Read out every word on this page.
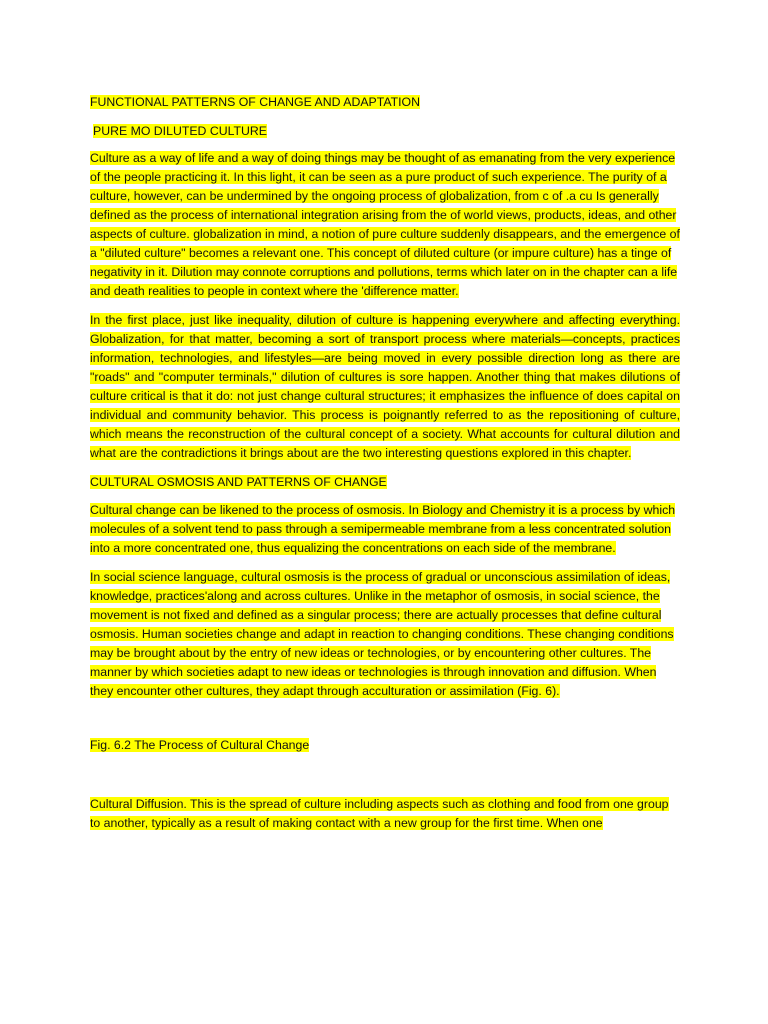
FUNCTIONAL PATTERNS OF CHANGE AND ADAPTATION

PURE MO DILUTED CULTURE

Culture as a way of life and a way of doing things may be thought of as emanating from the very experience of the people practicing it. In this light, it can be seen as a pure product of such experience. The purity of a culture, however, can be undermined by the ongoing process of globalization, from c of .a cu Is generally defined as the process of international integration arising from the of world views, products, ideas, and other aspects of culture. globalization in mind, a notion of pure culture suddenly disappears, and the emergence of a "diluted culture" becomes a relevant one. This concept of diluted culture (or impure culture) has a tinge of negativity in it. Dilution may connote corruptions and pollutions, terms which later on in the chapter can a life and death realities to people in context where the 'difference matter.

In the first place, just like inequality, dilution of culture is happening everywhere and affecting everything. Globalization, for that matter, becoming a sort of transport process where materials—concepts, practices information, technologies, and lifestyles—are being moved in every possible direction long as there are "roads" and "computer terminals," dilution of cultures is sore happen. Another thing that makes dilutions of culture critical is that it do: not just change cultural structures; it emphasizes the influence of does capital on individual and community behavior. This process is poignantly referred to as the repositioning of culture, which means the reconstruction of the cultural concept of a society. What accounts for cultural dilution and what are the contradictions it brings about are the two interesting questions explored in this chapter.

CULTURAL OSMOSIS AND PATTERNS OF CHANGE

Cultural change can be likened to the process of osmosis. In Biology and Chemistry it is a process by which molecules of a solvent tend to pass through a semipermeable membrane from a less concentrated solution into a more concentrated one, thus equalizing the concentrations on each side of the membrane.

In social science language, cultural osmosis is the process of gradual or unconscious assimilation of ideas, knowledge, practices'along and across cultures. Unlike in the metaphor of osmosis, in social science, the movement is not fixed and defined as a singular process; there are actually processes that define cultural osmosis. Human societies change and adapt in reaction to changing conditions. These changing conditions may be brought about by the entry of new ideas or technologies, or by encountering other cultures. The manner by which societies adapt to new ideas or technologies is through innovation and diffusion. When they encounter other cultures, they adapt through acculturation or assimilation (Fig. 6).

Fig. 6.2 The Process of Cultural Change

Cultural Diffusion. This is the spread of culture including aspects such as clothing and food from one group to another, typically as a result of making contact with a new group for the first time. When one
